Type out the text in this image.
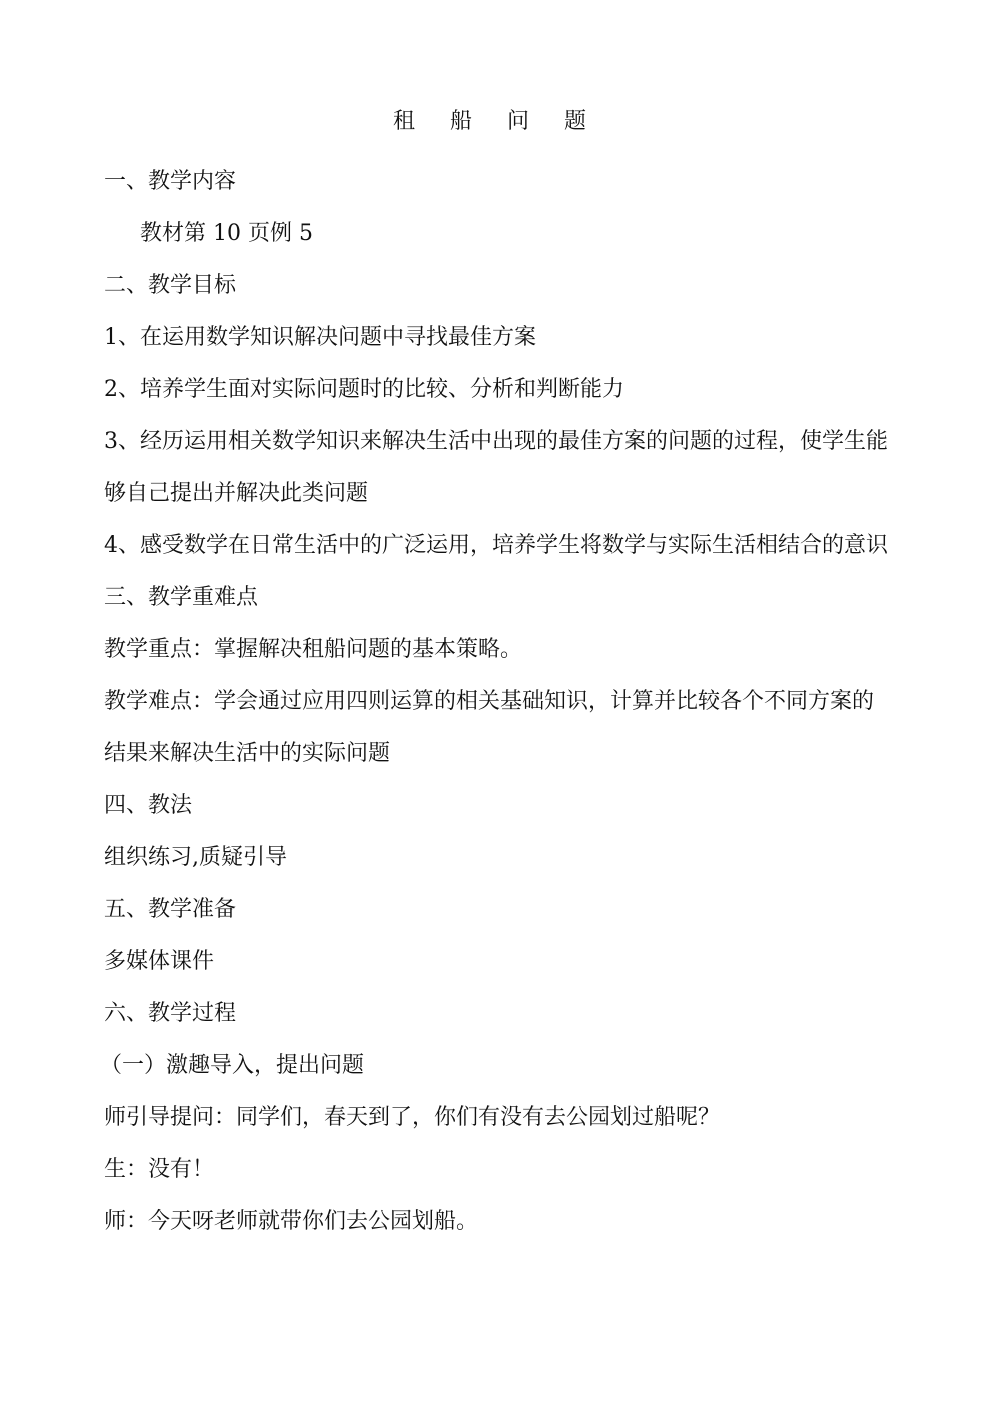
租 船 问 题
一、教学内容
教材第 10 页例 5
二、教学目标
1、在运用数学知识解决问题中寻找最佳方案
2、培养学生面对实际问题时的比较、分析和判断能力
3、经历运用相关数学知识来解决生活中出现的最佳方案的问题的过程，使学生能够自己提出并解决此类问题
4、感受数学在日常生活中的广泛运用，培养学生将数学与实际生活相结合的意识
三、教学重难点
教学重点：掌握解决租船问题的基本策略。
教学难点：学会通过应用四则运算的相关基础知识，计算并比较各个不同方案的结果来解决生活中的实际问题
四、教法
组织练习,质疑引导
五、教学准备
多媒体课件
六、教学过程
（一）激趣导入，提出问题
师引导提问：同学们，春天到了，你们有没有去公园划过船呢？
生：没有！
师：今天呀老师就带你们去公园划船。
